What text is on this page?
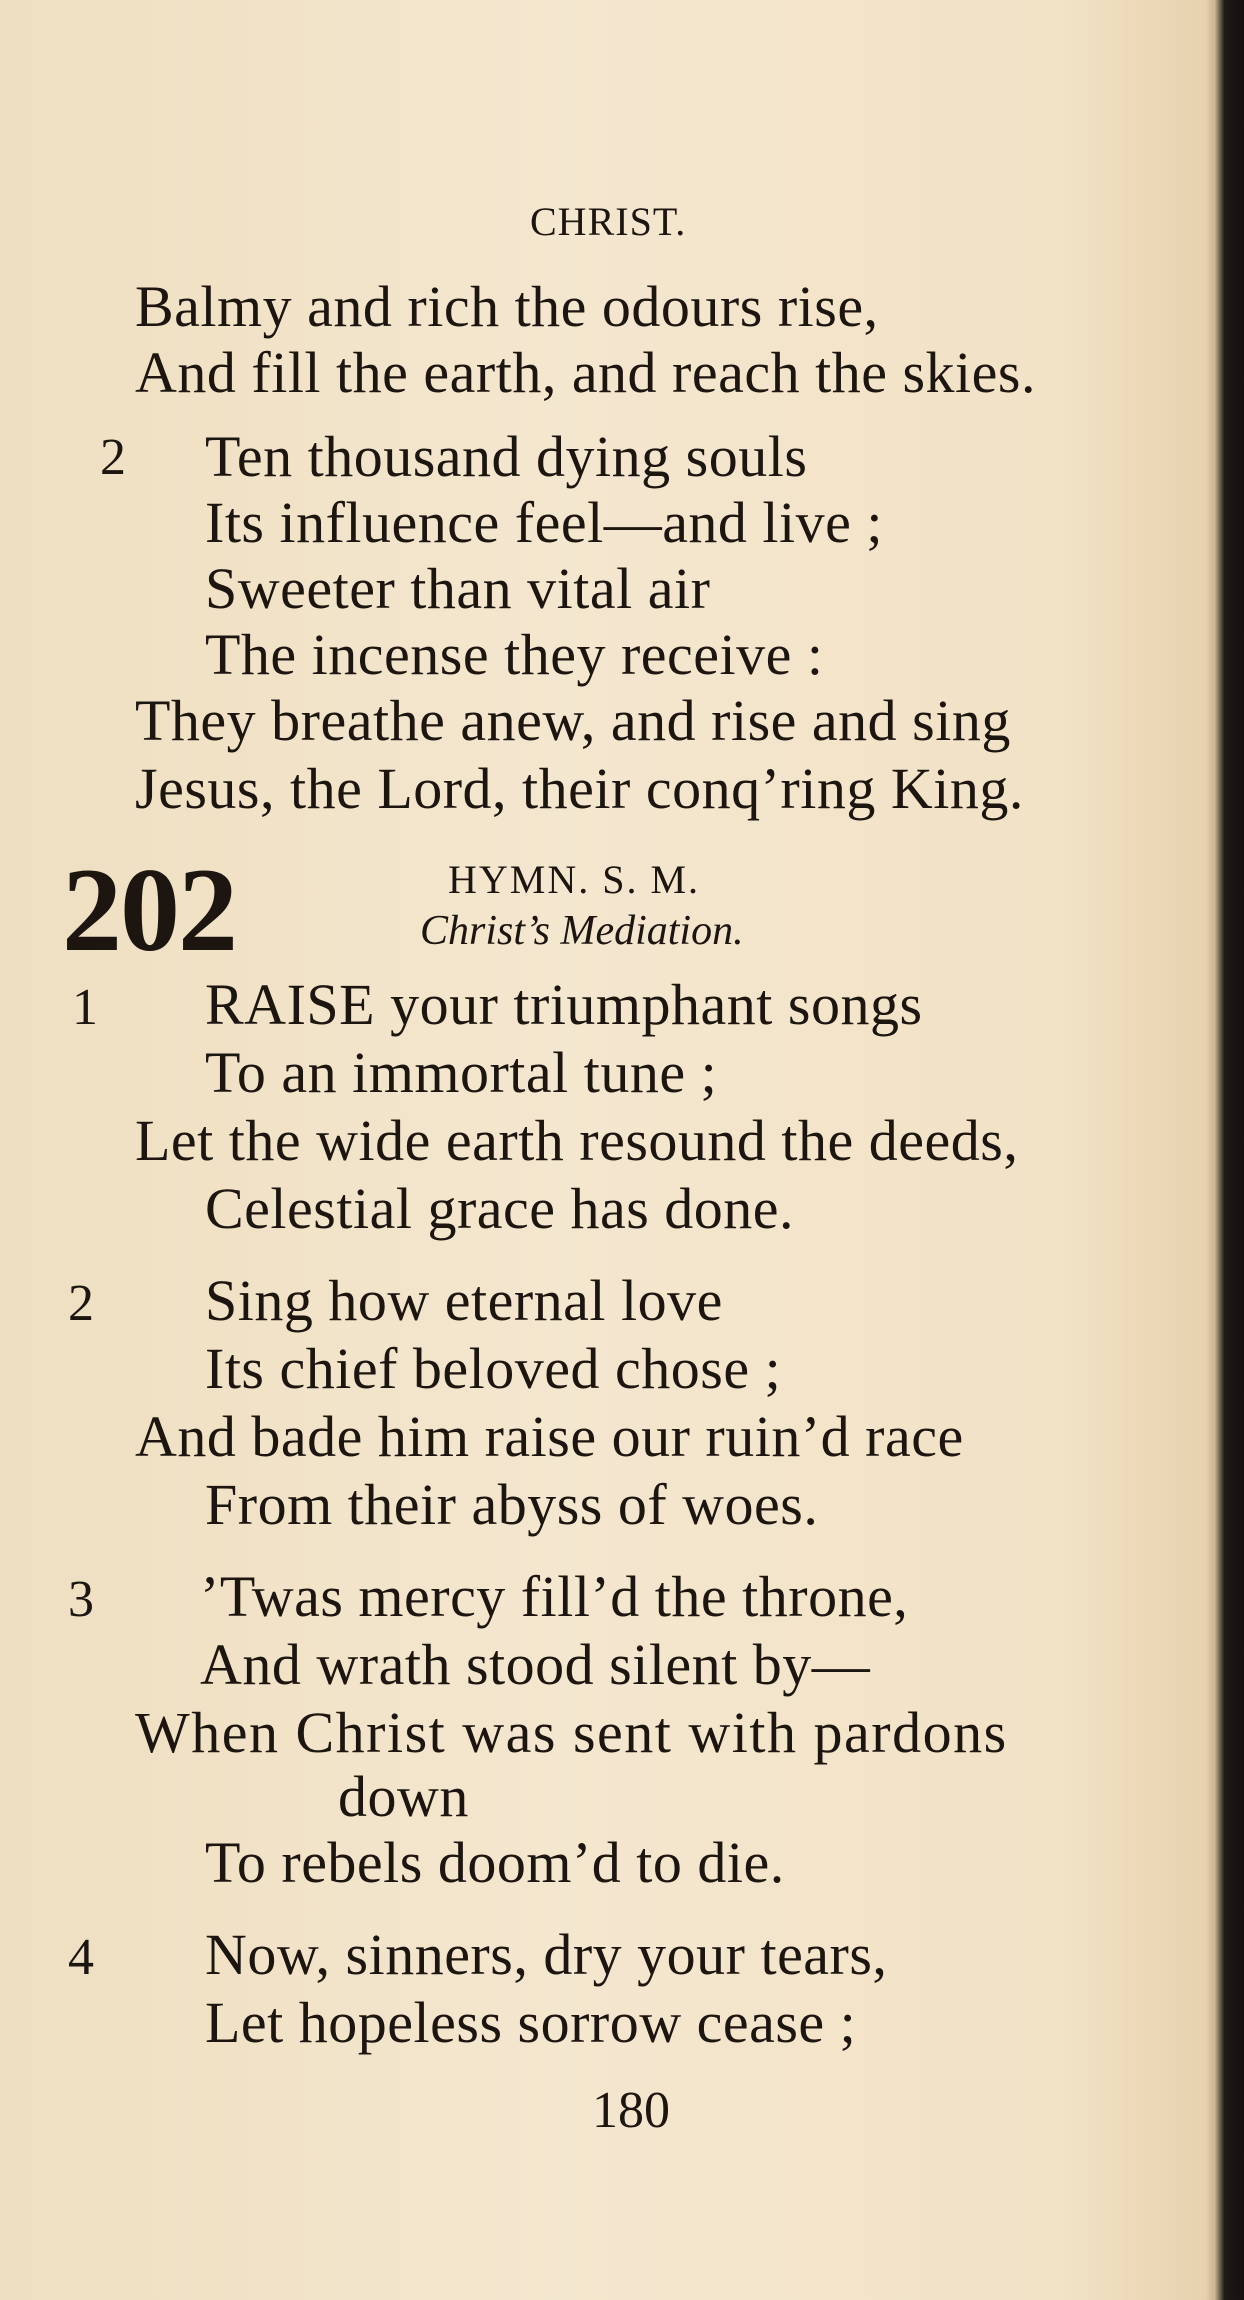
CHRIST.
Balmy and rich the odours rise,
And fill the earth, and reach the skies.
2 Ten thousand dying souls
Its influence feel—and live ;
Sweeter than vital air
The incense they receive :
They breathe anew, and rise and sing
Jesus, the Lord, their conq’ring King.
202	HYMN. S. M.
Christ’s Mediation.
1 RAISE your triumphant songs
To an immortal tune ;
Let the wide earth resound the deeds,
Celestial grace has done.
2 Sing how eternal love
Its chief beloved chose ;
And bade him raise our ruin’d race
From their abyss of woes.
3 ’Twas mercy fill’d the throne,
And wrath stood silent by—
When Christ was sent with pardons
down
To rebels doom’d to die.
4 Now, sinners, dry your tears,
Let hopeless sorrow cease ;
180
